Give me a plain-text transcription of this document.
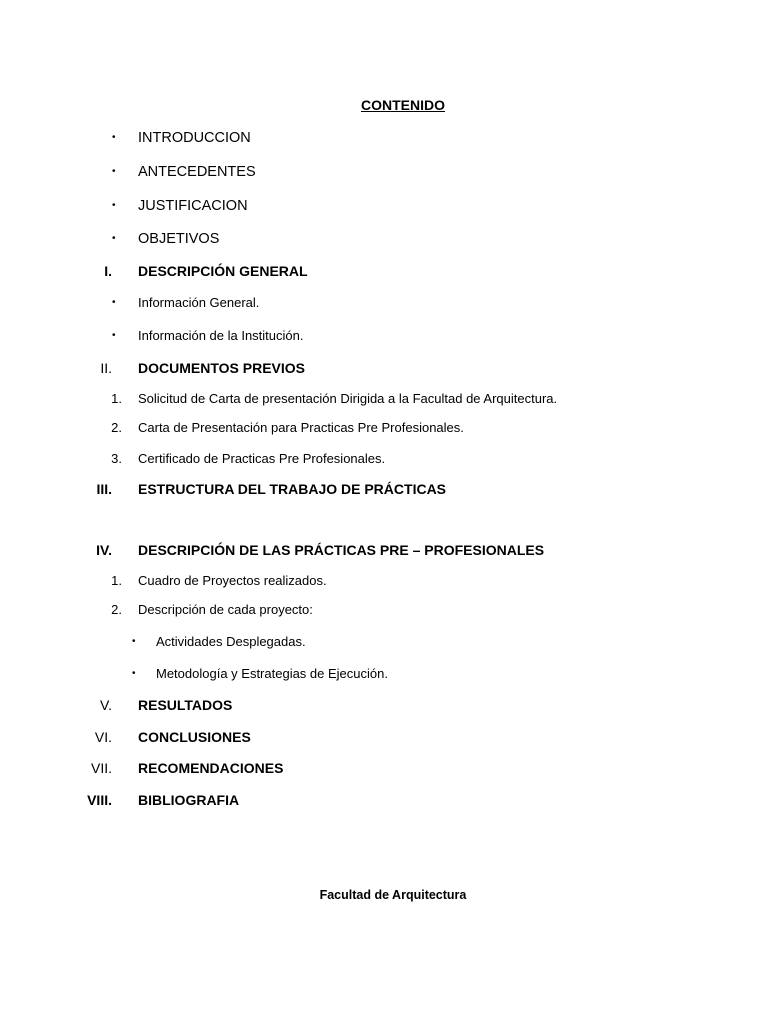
CONTENIDO
• INTRODUCCION
• ANTECEDENTES
• JUSTIFICACION
• OBJETIVOS
I. DESCRIPCIÓN GENERAL
• Información General.
• Información de la Institución.
II. DOCUMENTOS PREVIOS
1. Solicitud de Carta de presentación Dirigida a la Facultad de Arquitectura.
2. Carta de Presentación para Practicas Pre Profesionales.
3. Certificado de Practicas Pre Profesionales.
III. ESTRUCTURA DEL TRABAJO DE PRÁCTICAS
IV. DESCRIPCIÓN DE LAS PRÁCTICAS PRE – PROFESIONALES
1. Cuadro de Proyectos realizados.
2. Descripción de cada proyecto:
• Actividades Desplegadas.
• Metodología y Estrategias de Ejecución.
V. RESULTADOS
VI. CONCLUSIONES
VII. RECOMENDACIONES
VIII. BIBLIOGRAFIA
Facultad de Arquitectura
